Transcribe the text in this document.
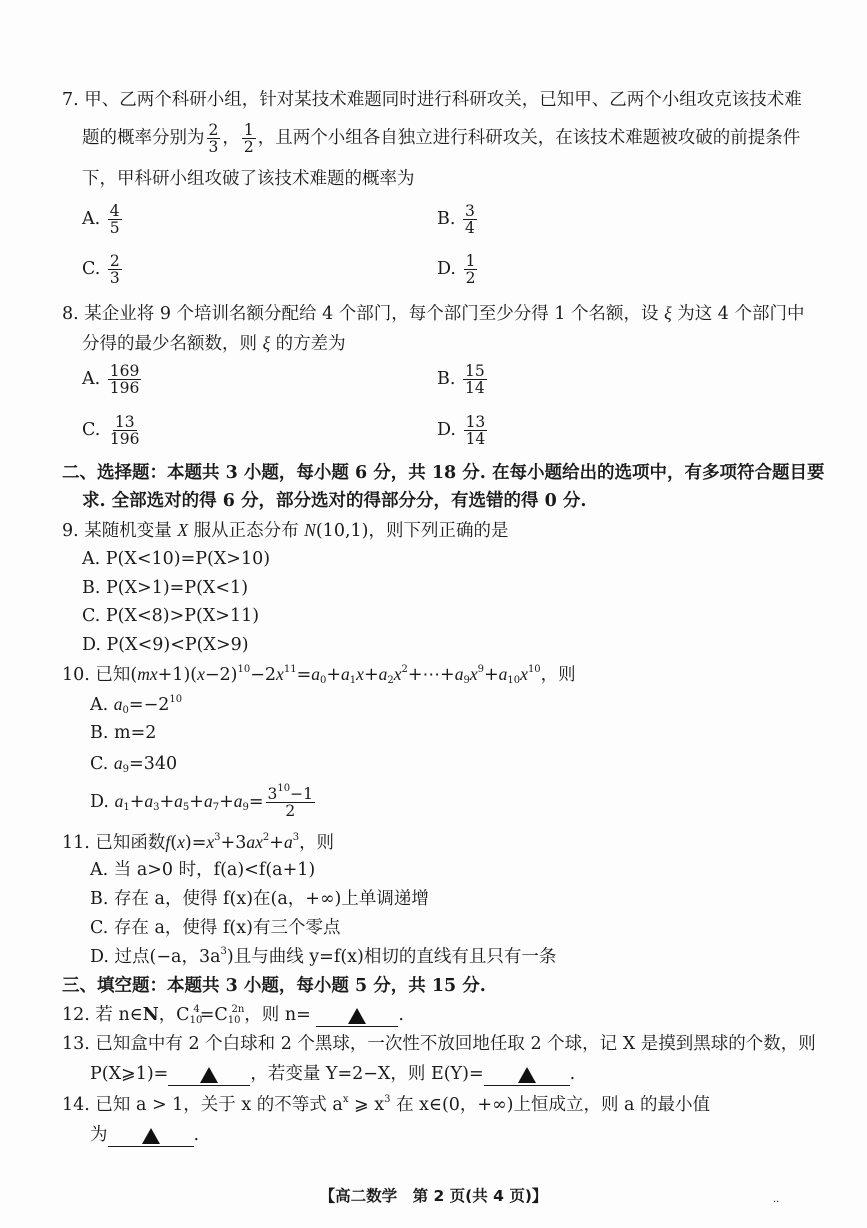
7. 甲、乙两个科研小组，针对某技术难题同时进行科研攻关，已知甲、乙两个小组攻克该技术难
题的概率分别为 $\frac{2}{3}$ ， $\frac{1}{2}$ ，且两个小组各自独立进行科研攻关，在该技术难题被攻破的前提条件
下，甲科研小组攻破了该技术难题的概率为
A. $\frac{4}{5}$	B. $\frac{3}{4}$
C. $\frac{2}{3}$	D. $\frac{1}{2}$
8. 某企业将 9 个培训名额分配给 4 个部门，每个部门至少分得 1 个名额，设 ξ 为这 4 个部门中
分得的最少名额数，则 ξ 的方差为
A. $\frac{169}{196}$	B. $\frac{15}{14}$
C. $\frac{13}{196}$	D. $\frac{13}{14}$
二、选择题：本题共 3 小题，每小题 6 分，共 18 分. 在每小题给出的选项中，有多项符合题目要
求. 全部选对的得 6 分，部分选对的得部分分，有选错的得 0 分.
9. 某随机变量 X 服从正态分布 N(10,1)，则下列正确的是
A. P(X<10)=P(X>10)
B. P(X>1)=P(X<1)
C. P(X<8)>P(X>11)
D. P(X<9)<P(X>9)
10. 已知$(mx+1)(x-2)^{10}-2x^{11}=a_0+a_1x+a_2x^2+\cdots+a_9x^9+a_{10}x^{10}$，则
A. $a_0=-2^{10}$
B. m=2
C. $a_9=340$
D. $a_1+a_3+a_5+a_7+a_9= \frac{3^{10}-1}{2}$
11. 已知函数$f(x)=x^3+3ax^2+a^3$，则
A. 当 a>0 时，f(a)<f(a+1)
B. 存在 a，使得 f(x)在(a，+∞)上单调递增
C. 存在 a，使得 f(x)有三个零点
D. 过点(−a，$3a^3$)且与曲线 y=f(x)相切的直线有且只有一条
三、填空题：本题共 3 小题，每小题 5 分，共 15 分.
12. 若 n∈N，$C_{10}^4=C_{10}^{2n}$，则 n=	.
13. 已知盒中有 2 个白球和 2 个黑球，一次性不放回地任取 2 个球，记 X 是摸到黑球的个数，则
P(X⩾1)=	，若变量 Y=2−X，则 E(Y)=	.
14. 已知 a > 1，关于 x 的不等式 $a^x$ ⩾ $x^3$ 在 x∈(0，+∞)上恒成立，则 a 的最小值
为	.
【高二数学　第 2 页(共 4 页)】	..
